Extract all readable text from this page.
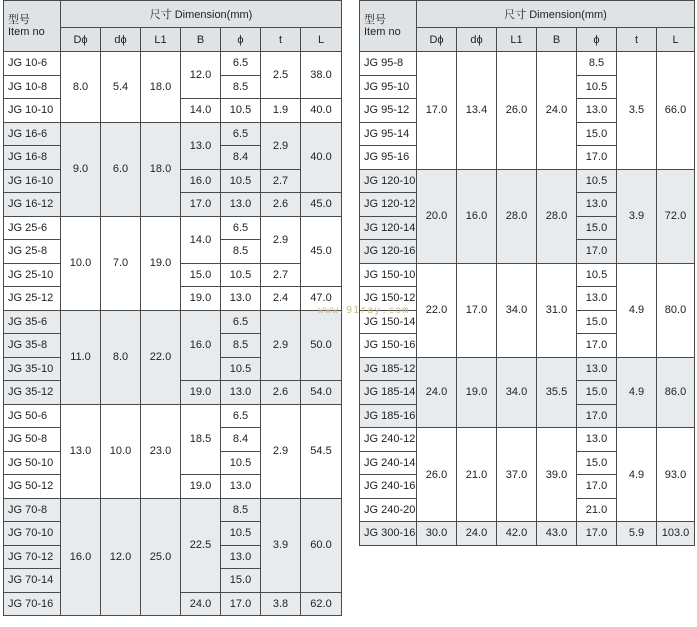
型号
Item no	尺寸 Dimension(mm)						
	Dϕ	dϕ	L1	B	ϕ	t	L
JG 10-6	8.0	5.4	18.0	12.0	6.5	2.5	38.0
JG 10-8					8.5		
JG 10-10				14.0	10.5	1.9	40.0
JG 16-6	9.0	6.0	18.0	13.0	6.5	2.9	40.0
JG 16-8					8.4		
JG 16-10				16.0	10.5	2.7	
JG 16-12				17.0	13.0	2.6	45.0
JG 25-6	10.0	7.0	19.0	14.0	6.5	2.9	45.0
JG 25-8					8.5		
JG 25-10				15.0	10.5	2.7	
JG 25-12				19.0	13.0	2.4	47.0
JG 35-6	11.0	8.0	22.0	16.0	6.5	2.9	50.0
JG 35-8					8.5		
JG 35-10					10.5		
JG 35-12				19.0	13.0	2.6	54.0
JG 50-6	13.0	10.0	23.0	18.5	6.5	2.9	54.5
JG 50-8					8.4		
JG 50-10					10.5		
JG 50-12				19.0	13.0		
JG 70-8	16.0	12.0	25.0	22.5	8.5	3.9	60.0
JG 70-10					10.5		
JG 70-12					13.0		
JG 70-14					15.0		
JG 70-16				24.0	17.0	3.8	62.0
型号
Item no	尺寸 Dimension(mm)						
	Dϕ	dϕ	L1	B	ϕ	t	L
JG 95-8	17.0	13.4	26.0	24.0	8.5	3.5	66.0
JG 95-10					10.5		
JG 95-12					13.0		
JG 95-14					15.0		
JG 95-16					17.0		
JG 120-10	20.0	16.0	28.0	28.0	10.5	3.9	72.0
JG 120-12					13.0		
JG 120-14					15.0		
JG 120-16					17.0		
JG 150-10	22.0	17.0	34.0	31.0	10.5	4.9	80.0
JG 150-12					13.0		
JG 150-14					15.0		
JG 150-16					17.0		
JG 185-12	24.0	19.0	34.0	35.5	13.0	4.9	86.0
JG 185-14					15.0		
JG 185-16					17.0		
JG 240-12	26.0	21.0	37.0	39.0	13.0	4.9	93.0
JG 240-14					15.0		
JG 240-16					17.0		
JG 240-20					21.0		
JG 300-16	30.0	24.0	42.0	43.0	17.0	5.9	103.0
www.91ray.com
